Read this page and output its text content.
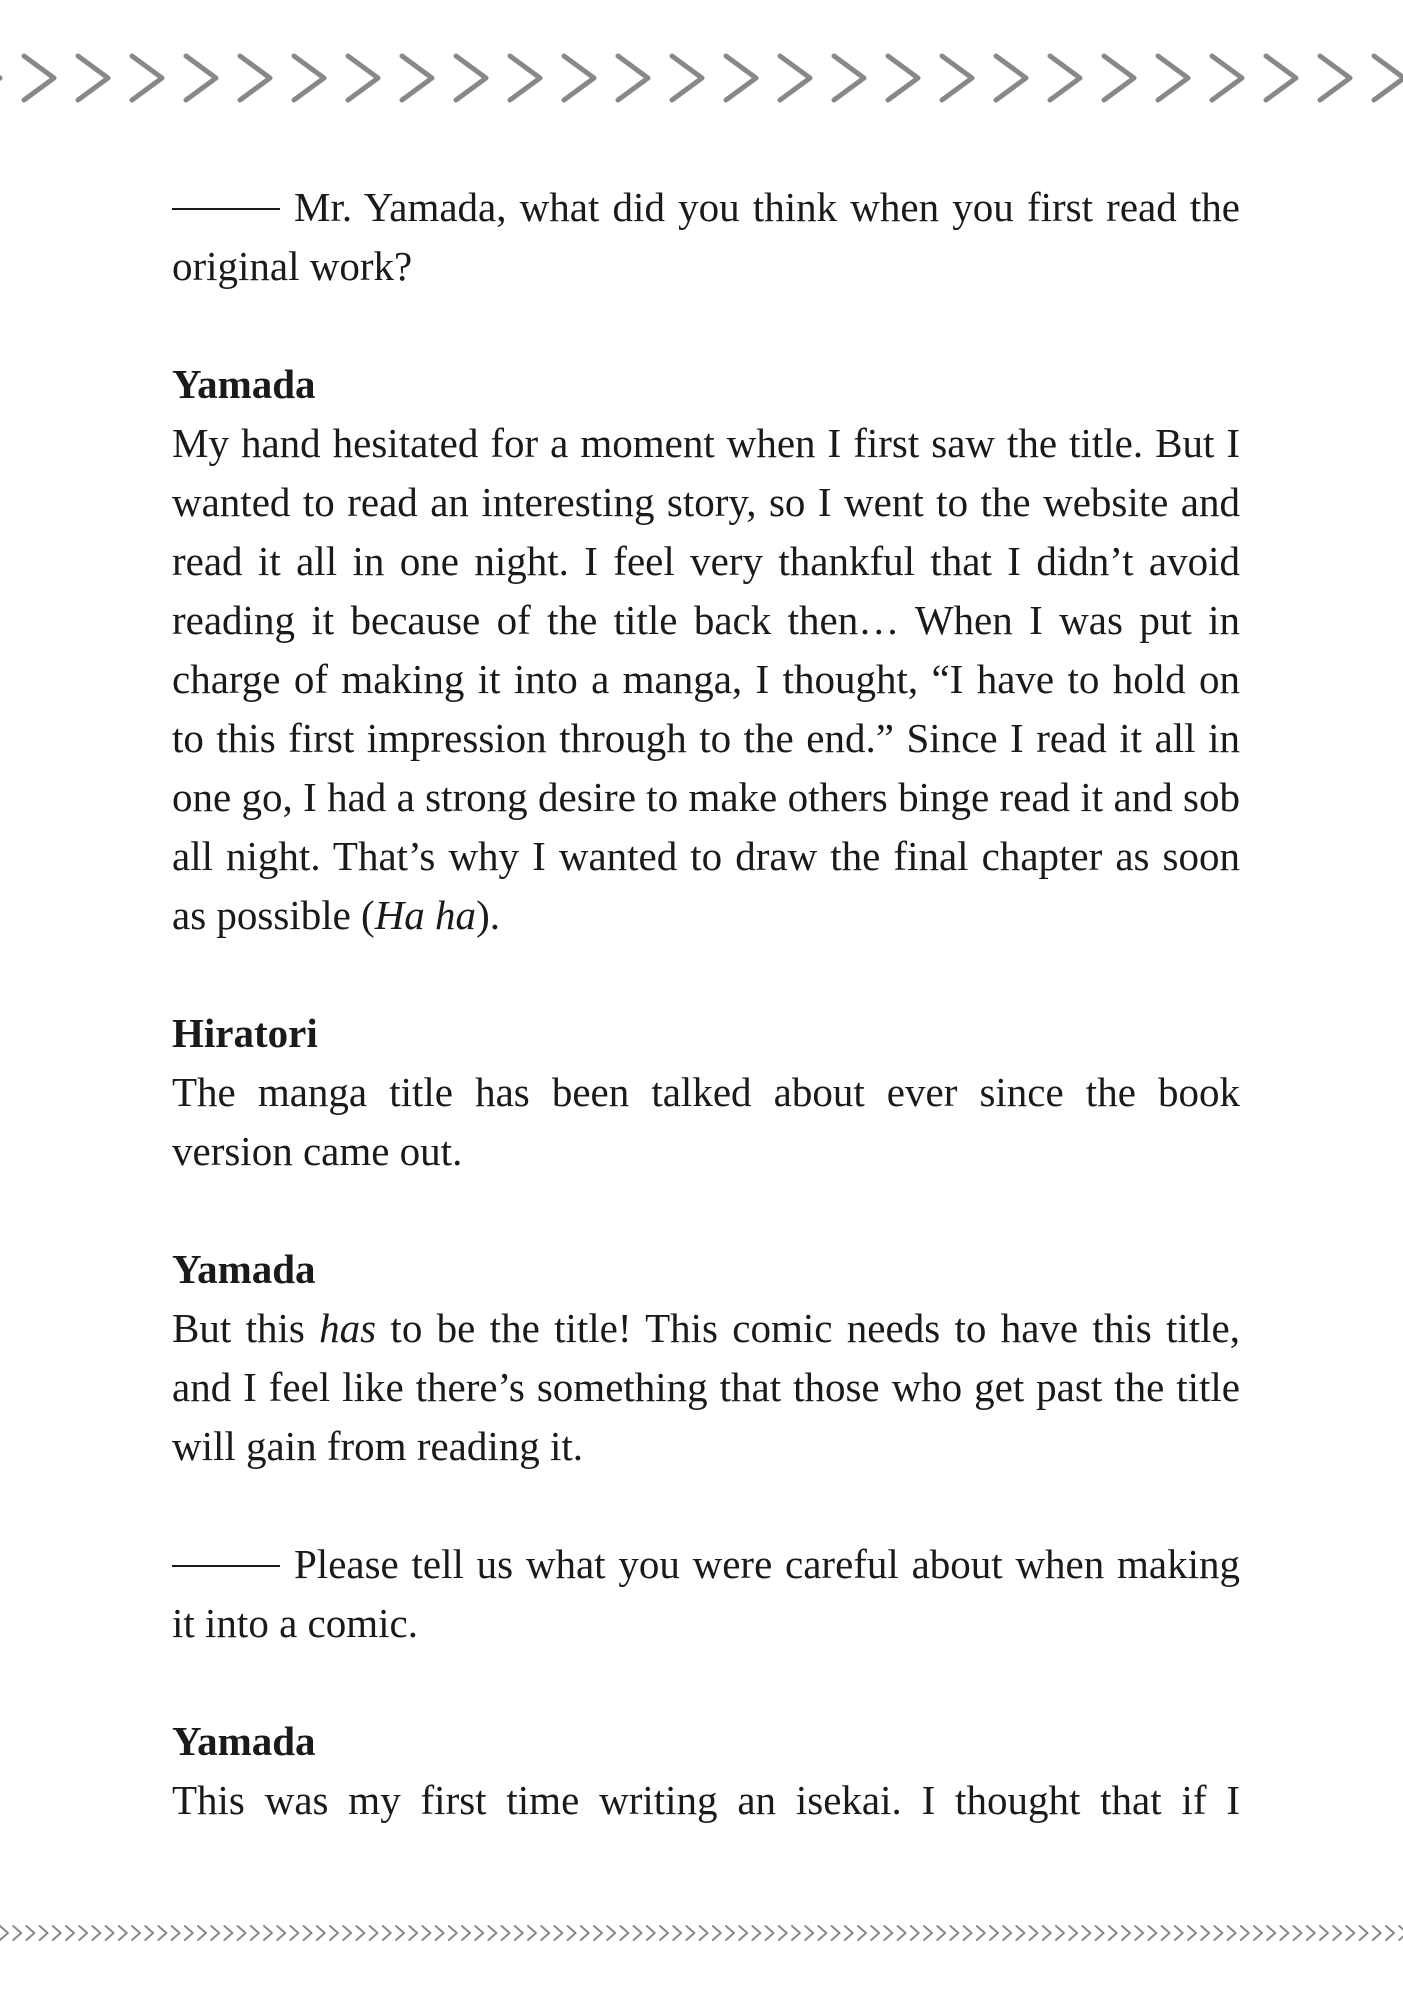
Mr. Yamada, what did you think when you first read the original work?

Yamada

My hand hesitated for a moment when I first saw the title. But I wanted to read an interesting story, so I went to the website and read it all in one night. I feel very thankful that I didn’t avoid reading it because of the title back then… When I was put in charge of making it into a manga, I thought, “I have to hold on to this first impression through to the end.” Since I read it all in one go, I had a strong desire to make others binge read it and sob all night. That’s why I wanted to draw the final chapter as soon as possible (Ha ha).

Hiratori

The manga title has been talked about ever since the book version came out.

Yamada

But this has to be the title! This comic needs to have this title, and I feel like there’s something that those who get past the title will gain from reading it.

Please tell us what you were careful about when making it into a comic.

Yamada

This was my first time writing an isekai. I thought that if I
